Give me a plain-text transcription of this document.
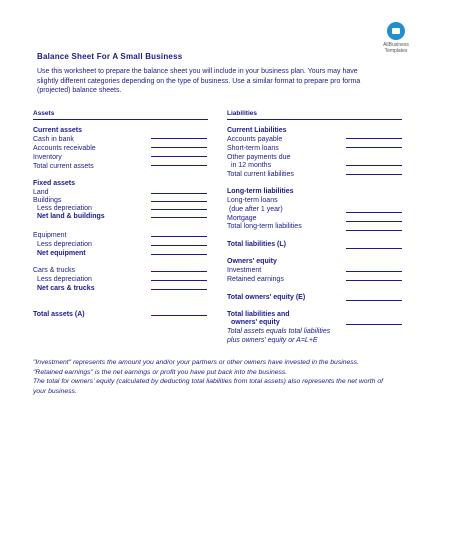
AllBusiness
Templates
Balance Sheet For A Small Business
Use this worksheet to prepare the balance sheet you will include in your business plan. Yours may have slightly different categories depending on the type of business. Use a similar format to prepare pro forma (projected) balance sheets.
Assets	Liabilities
Current assets
Cash in bank
Accounts receivable
Inventory
Total current assets
Fixed assets
Land
Buildings
Less depreciation
Net land & buildings
Equipment
Less depreciation
Net equipment
Cars & trucks
Less depreciation
Net cars & trucks
Total assets (A)
Current Liabilities
Accounts payable
Short-term loans
Other payments due
in 12 months
Total current liabilities
Long-term liabilities
Long-term loans
(due after 1 year)
Mortgage
Total long-term liabilities
Total liabilities (L)
Owners' equity
Investment
Retained earnings
Total owners' equity (E)
Total liabilities and
owners' equity
Total assets equals total liabilities
plus owners' equity or A=L+E

"Investment" represents the amount you and/or your partners or other owners have invested in the business.

"Retained earnings" is the net earnings or profit you have put back into the business.

The total for owners' equity (calculated by deducting total liabilities from total assets) also represents the net worth of your business.
